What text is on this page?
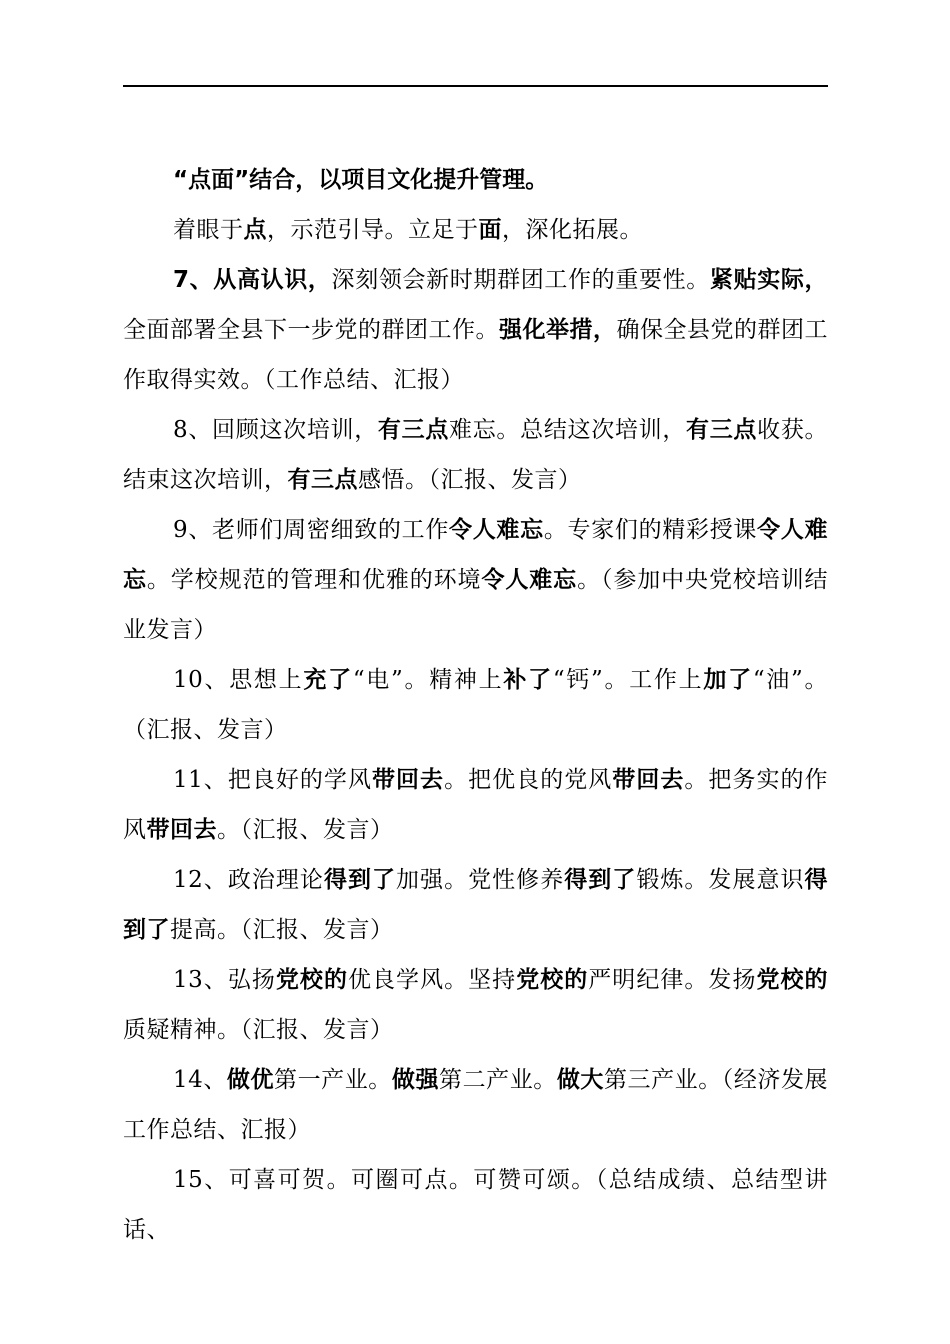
“点面”结合，以项目文化提升管理。

着眼于点，示范引导。立足于面，深化拓展。

7、从高认识，深刻领会新时期群团工作的重要性。紧贴实际，全面部署全县下一步党的群团工作。强化举措，确保全县党的群团工作取得实效。（工作总结、汇报）

8、回顾这次培训，有三点难忘。总结这次培训，有三点收获。结束这次培训，有三点感悟。（汇报、发言）

9、老师们周密细致的工作令人难忘。专家们的精彩授课令人难忘。学校规范的管理和优雅的环境令人难忘。（参加中央党校培训结业发言）

10、思想上充了“电”。精神上补了“钙”。工作上加了“油”。（汇报、发言）

11、把良好的学风带回去。把优良的党风带回去。把务实的作风带回去。（汇报、发言）

12、政治理论得到了加强。党性修养得到了锻炼。发展意识得到了提高。（汇报、发言）

13、弘扬党校的优良学风。坚持党校的严明纪律。发扬党校的质疑精神。（汇报、发言）

14、做优第一产业。做强第二产业。做大第三产业。（经济发展工作总结、汇报）

15、可喜可贺。可圈可点。可赞可颂。（总结成绩、总结型讲话、
